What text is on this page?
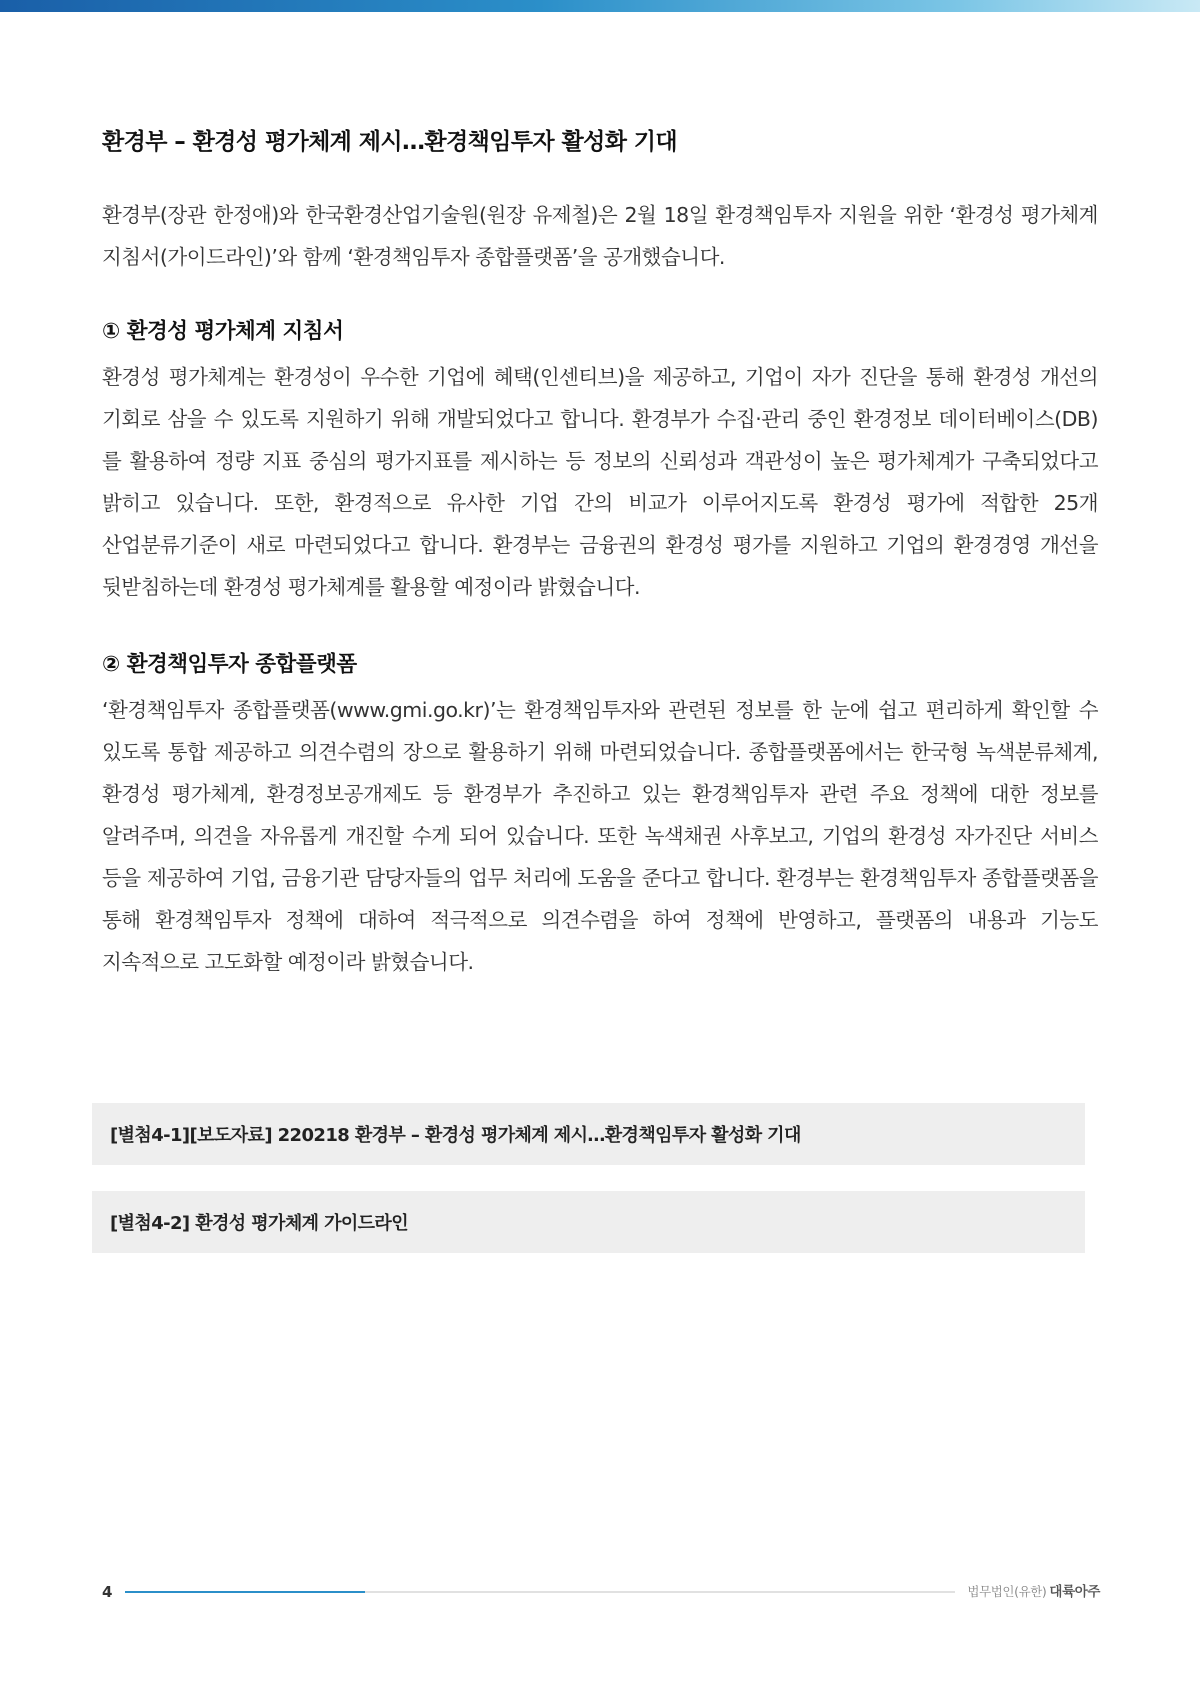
환경부 – 환경성 평가체계 제시…환경책임투자 활성화 기대

환경부(장관 한정애)와 한국환경산업기술원(원장 유제철)은 2월 18일 환경책임투자 지원을 위한 ‘환경성 평가체계 지침서(가이드라인)’와 함께 ‘환경책임투자 종합플랫폼’을 공개했습니다.

① 환경성 평가체계 지침서

환경성 평가체계는 환경성이 우수한 기업에 혜택(인센티브)을 제공하고, 기업이 자가 진단을 통해 환경성 개선의 기회로 삼을 수 있도록 지원하기 위해 개발되었다고 합니다. 환경부가 수집·관리 중인 환경정보 데이터베이스(DB)를 활용하여 정량 지표 중심의 평가지표를 제시하는 등 정보의 신뢰성과 객관성이 높은 평가체계가 구축되었다고 밝히고 있습니다. 또한, 환경적으로 유사한 기업 간의 비교가 이루어지도록 환경성 평가에 적합한 25개 산업분류기준이 새로 마련되었다고 합니다. 환경부는 금융권의 환경성 평가를 지원하고 기업의 환경경영 개선을 뒷받침하는데 환경성 평가체계를 활용할 예정이라 밝혔습니다.

② 환경책임투자 종합플랫폼

‘환경책임투자 종합플랫폼(www.gmi.go.kr)’는 환경책임투자와 관련된 정보를 한 눈에 쉽고 편리하게 확인할 수 있도록 통합 제공하고 의견수렴의 장으로 활용하기 위해 마련되었습니다. 종합플랫폼에서는 한국형 녹색분류체계, 환경성 평가체계, 환경정보공개제도 등 환경부가 추진하고 있는 환경책임투자 관련 주요 정책에 대한 정보를 알려주며, 의견을 자유롭게 개진할 수게 되어 있습니다. 또한 녹색채권 사후보고, 기업의 환경성 자가진단 서비스 등을 제공하여 기업, 금융기관 담당자들의 업무 처리에 도움을 준다고 합니다. 환경부는 환경책임투자 종합플랫폼을 통해 환경책임투자 정책에 대하여 적극적으로 의견수렴을 하여 정책에 반영하고, 플랫폼의 내용과 기능도 지속적으로 고도화할 예정이라 밝혔습니다.

[별첨4-1][보도자료] 220218 환경부 – 환경성 평가체계 제시…환경책임투자 활성화 기대
[별첨4-2] 환경성 평가체계 가이드라인
4	법무법인(유한) 대륙아주
